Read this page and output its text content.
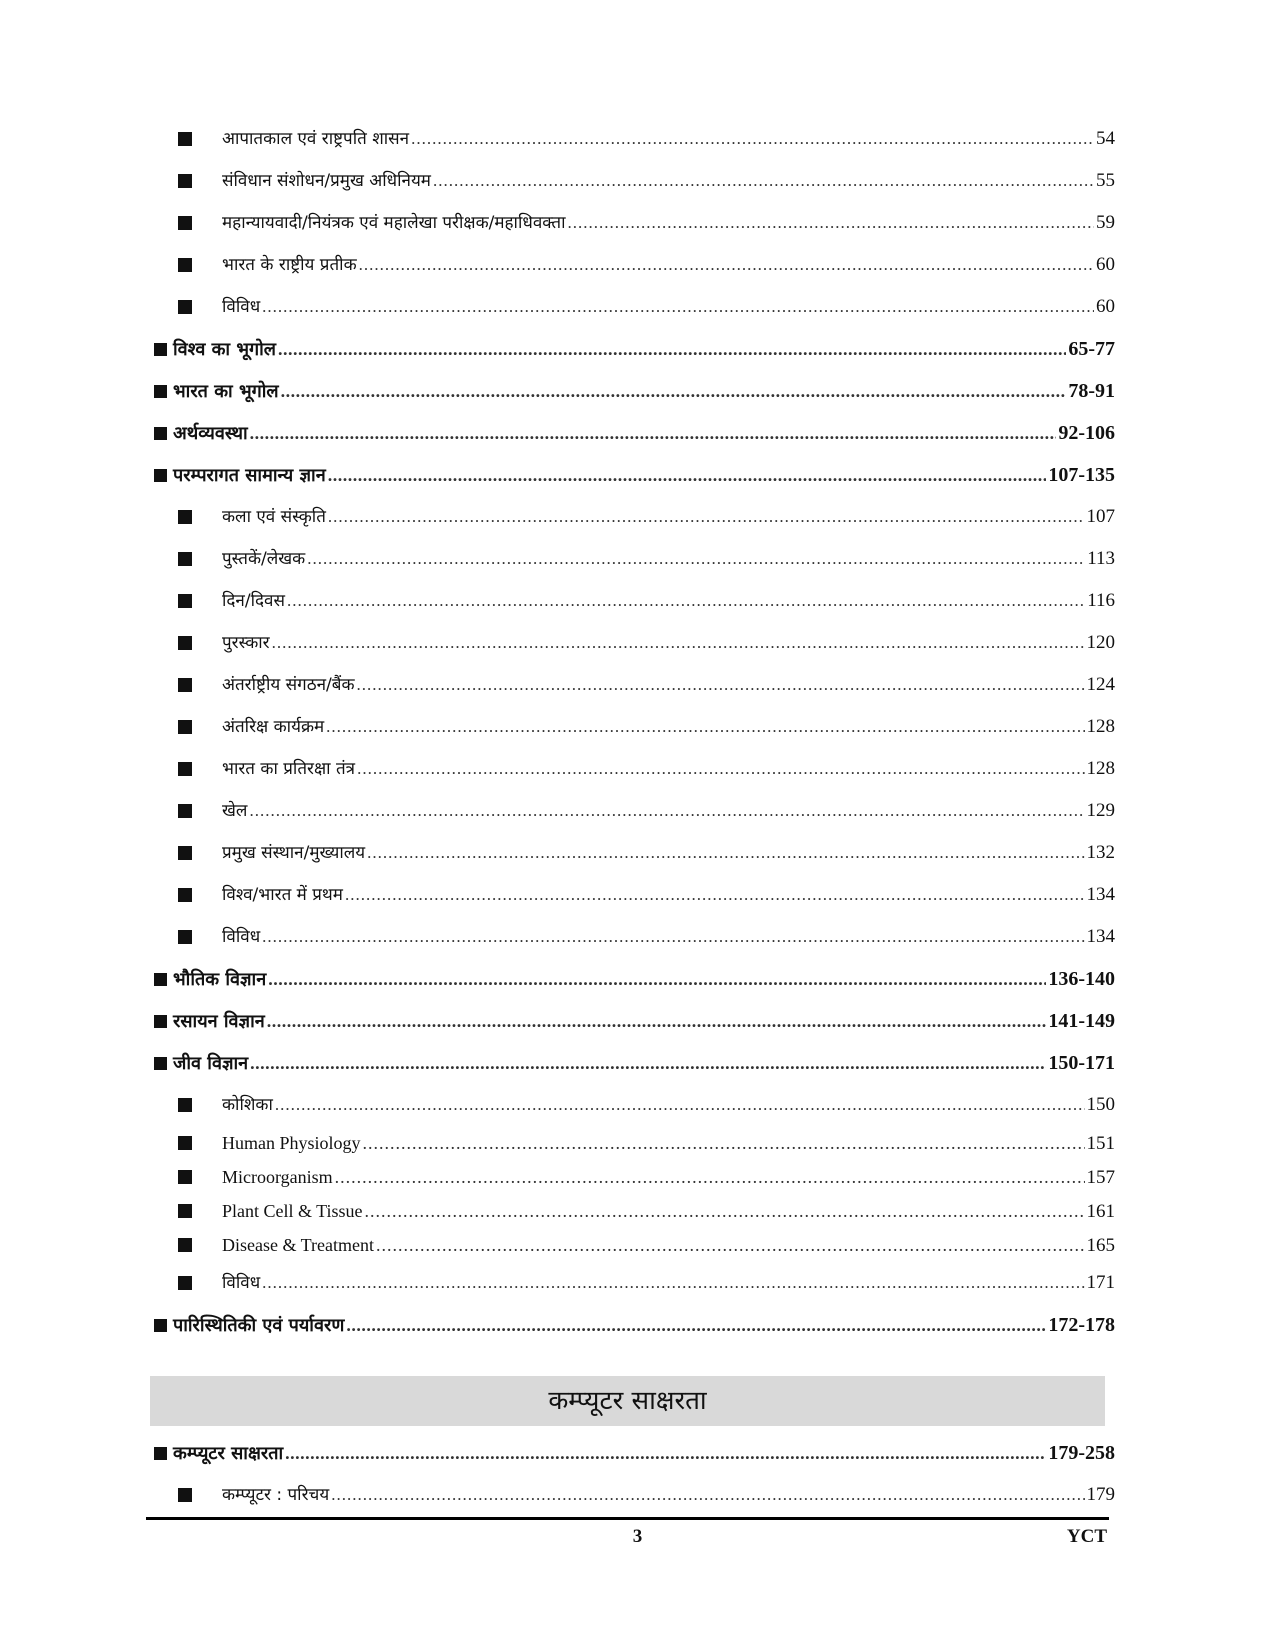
आपातकाल एवं राष्ट्रपति शासन .....	54
संविधान संशोधन/प्रमुख अधिनियम .....	55
महान्यायवादी/नियंत्रक एवं महालेखा परीक्षक/महाधिवक्ता .....	59
भारत के राष्ट्रीय प्रतीक .....	60
विविध .....	60
विश्व का भूगोल .....	65-77
भारत का भूगोल .....	78-91
अर्थव्यवस्था .....	92-106
परम्परागत सामान्य ज्ञान .....	107-135
कला एवं संस्कृति .....	107
पुस्तकें/लेखक .....	113
दिन/दिवस .....	116
पुरस्कार .....	120
अंतर्राष्ट्रीय संगठन/बैंक .....	124
अंतरिक्ष कार्यक्रम .....	128
भारत का प्रतिरक्षा तंत्र .....	128
खेल .....	129
प्रमुख संस्थान/मुख्यालय .....	132
विश्व/भारत में प्रथम .....	134
विविध .....	134
भौतिक विज्ञान .....	136-140
रसायन विज्ञान .....	141-149
जीव विज्ञान .....	150-171
कोशिका .....	150
Human Physiology .....	151
Microorganism .....	157
Plant Cell & Tissue .....	161
Disease & Treatment .....	165
विविध .....	171
पारिस्थितिकी एवं पर्यावरण .....	172-178
कम्प्यूटर साक्षरता
कम्प्यूटर साक्षरता .....	179-258
कम्प्यूटर : परिचय .....	179
3	YCT
